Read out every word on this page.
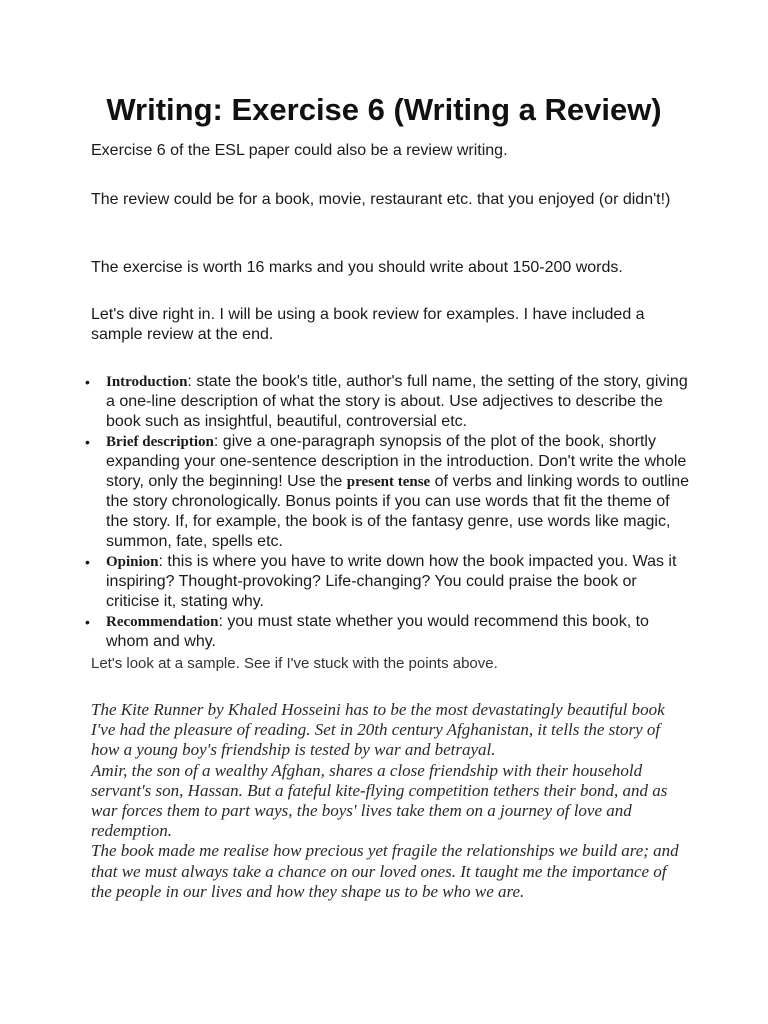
Writing: Exercise 6 (Writing a Review)

Exercise 6 of the ESL paper could also be a review writing.

The review could be for a book, movie, restaurant etc. that you enjoyed (or didn't!)

The exercise is worth 16 marks and you should write about 150-200 words.

Let's dive right in. I will be using a book review for examples. I have included a sample review at the end.

• Introduction: state the book's title, author's full name, the setting of the story, giving a one-line description of what the story is about. Use adjectives to describe the book such as insightful, beautiful, controversial etc.
• Brief description: give a one-paragraph synopsis of the plot of the book, shortly expanding your one-sentence description in the introduction. Don't write the whole story, only the beginning! Use the present tense of verbs and linking words to outline the story chronologically. Bonus points if you can use words that fit the theme of the story. If, for example, the book is of the fantasy genre, use words like magic, summon, fate, spells etc.
• Opinion: this is where you have to write down how the book impacted you. Was it inspiring? Thought-provoking? Life-changing? You could praise the book or criticise it, stating why.
• Recommendation: you must state whether you would recommend this book, to whom and why.

Let's look at a sample. See if I've stuck with the points above.

The Kite Runner by Khaled Hosseini has to be the most devastatingly beautiful book I've had the pleasure of reading. Set in 20th century Afghanistan, it tells the story of how a young boy's friendship is tested by war and betrayal.
Amir, the son of a wealthy Afghan, shares a close friendship with their household servant's son, Hassan. But a fateful kite-flying competition tethers their bond, and as war forces them to part ways, the boys' lives take them on a journey of love and redemption.
The book made me realise how precious yet fragile the relationships we build are; and that we must always take a chance on our loved ones. It taught me the importance of the people in our lives and how they shape us to be who we are.
